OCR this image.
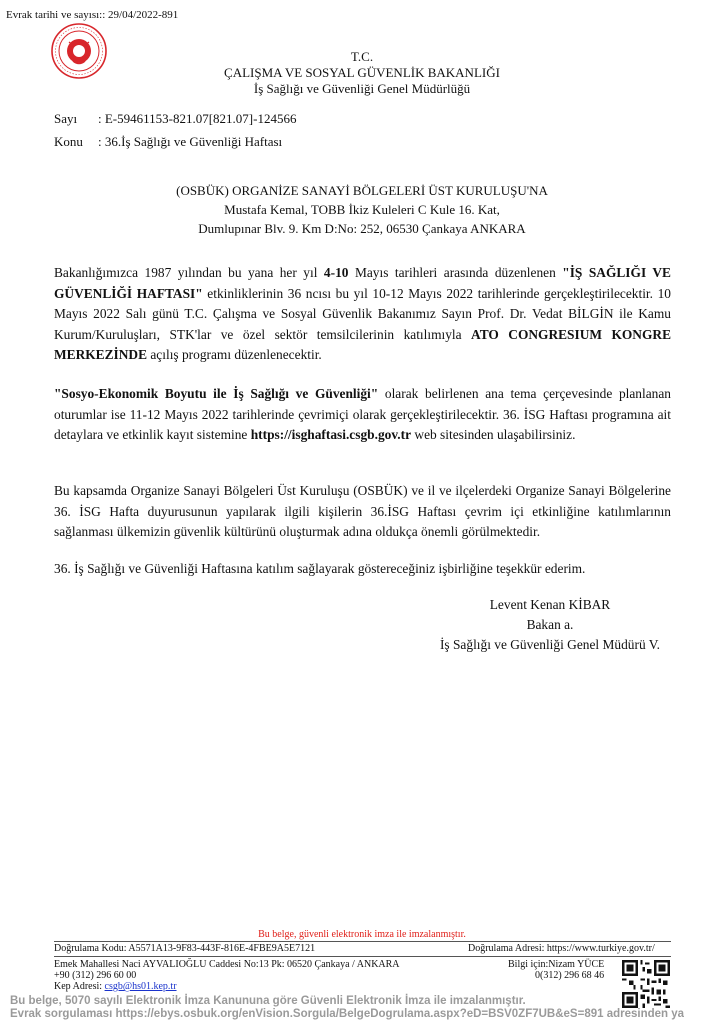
Evrak tarihi ve sayısı:: 29/04/2022-891
T.C.
ÇALIŞMA VE SOSYAL GÜVENLİK BAKANLIĞI
İş Sağlığı ve Güvenliği Genel Müdürlüğü
Sayı : E-59461153-821.07[821.07]-124566
Konu : 36.İş Sağlığı ve Güvenliği Haftası
(OSBÜK) ORGANİZE SANAYİ BÖLGELERİ ÜST KURULUŞU'NA
Mustafa Kemal, TOBB İkiz Kuleleri C Kule 16. Kat,
Dumlupınar Blv. 9. Km D:No: 252, 06530 Çankaya ANKARA
Bakanlığımızca 1987 yılından bu yana her yıl 4-10 Mayıs tarihleri arasında düzenlenen "İŞ SAĞLIĞI VE GÜVENLİĞİ HAFTASI" etkinliklerinin 36 ncısı bu yıl 10-12 Mayıs 2022 tarihlerinde gerçekleştirilecektir. 10 Mayıs 2022 Salı günü T.C. Çalışma ve Sosyal Güvenlik Bakanımız Sayın Prof. Dr. Vedat BİLGİN ile Kamu Kurum/Kuruluşları, STK'lar ve özel sektör temsilcilerinin katılımıyla ATO CONGRESIUM KONGRE MERKEZİNDE açılış programı düzenlenecektir.
"Sosyo-Ekonomik Boyutu ile İş Sağlığı ve Güvenliği" olarak belirlenen ana tema çerçevesinde planlanan oturumlar ise 11-12 Mayıs 2022 tarihlerinde çevrimiçi olarak gerçekleştirilecektir. 36. İSG Haftası programına ait detaylara ve etkinlik kayıt sistemine https://isghaftasi.csgb.gov.tr web sitesinden ulaşabilirsiniz.
Bu kapsamda Organize Sanayi Bölgeleri Üst Kuruluşu (OSBÜK) ve il ve ilçelerdeki Organize Sanayi Bölgelerine 36. İSG Hafta duyurusunun yapılarak ilgili kişilerin 36.İSG Haftası çevrim içi etkinliğine katılımlarının sağlanması ülkemizin güvenlik kültürünü oluşturmak adına oldukça önemli görülmektedir.
36. İş Sağlığı ve Güvenliği Haftasına katılım sağlayarak göstereceğiniz işbirliğine teşekkür ederim.
Levent Kenan KİBAR
Bakan a.
İş Sağlığı ve Güvenliği Genel Müdürü V.
Bu belge, güvenli elektronik imza ile imzalanmıştır.
Doğrulama Kodu: A5571A13-9F83-443F-816E-4FBE9A5E7121	Doğrulama Adresi: https://www.turkiye.gov.tr/
Emek Mahallesi Naci AYVALIOĞLU Caddesi No:13 Pk: 06520 Çankaya / ANKARA	Bilgi için:Nizam YÜCE
+90 (312) 296 60 00	0(312) 296 68 46
Kep Adresi: csgb@hs01.kep.tr
Bu belge, 5070 sayılı Elektronik İmza Kanununa göre Güvenli Elektronik İmza ile imzalanmıştır.
Evrak sorgulaması https://ebys.osbuk.org/enVision.Sorgula/BelgeDogrulama.aspx?eD=BSV0ZF7UB&eS=891 adresinden ya
